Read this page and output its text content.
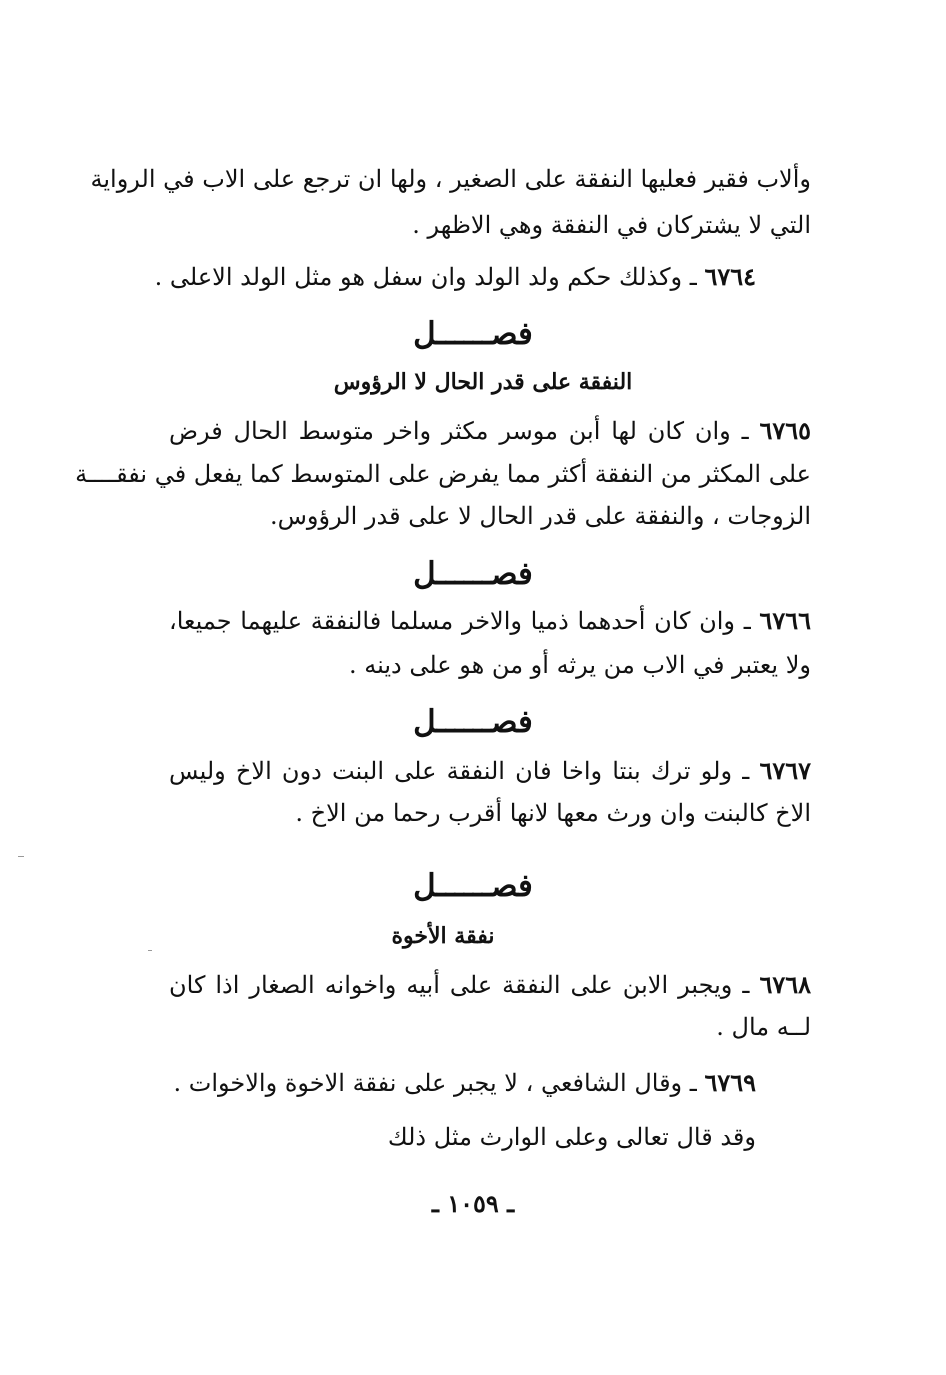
وألاب فقير فعليها النفقة على الصغير ، ولها ان ترجع على الاب في الرواية
التي لا يشتركان في النفقة وهي الاظهر .
٦٧٦٤ ـ وكذلك حكم ولد الولد وان سفل هو مثل الولد الاعلى .
فصــــــل
النفقة على قدر الحال لا الرؤوس
٦٧٦٥ ـ وان كان لها أبن موسر مكثر واخر متوسط الحال فرض
على المكثر من النفقة أكثر مما يفرض على المتوسط كما يفعل في نفقــــة
الزوجات ، والنفقة على قدر الحال لا على قدر الرؤوس.
فصــــــل
٦٧٦٦ ـ وان كان أحدهما ذميا والاخر مسلما فالنفقة عليهما جميعا،
ولا يعتبر في الاب من يرثه أو من هو على دينه .
فصــــــل
٦٧٦٧ ـ ولو ترك بنتا واخا فان النفقة على البنت دون الاخ وليس
الاخ كالبنت وان ورث معها لانها أقرب رحما من الاخ .
فصــــــل
نفقة الأخوة
٦٧٦٨ ـ ويجبر الابن على النفقة على أبيه واخوانه الصغار اذا كان
لــه مال .
٦٧٦٩ ـ وقال الشافعي ، لا يجبر على نفقة الاخوة والاخوات .
وقد قال تعالى وعلى الوارث مثل ذلك
ـ ١٠٥٩ ـ
